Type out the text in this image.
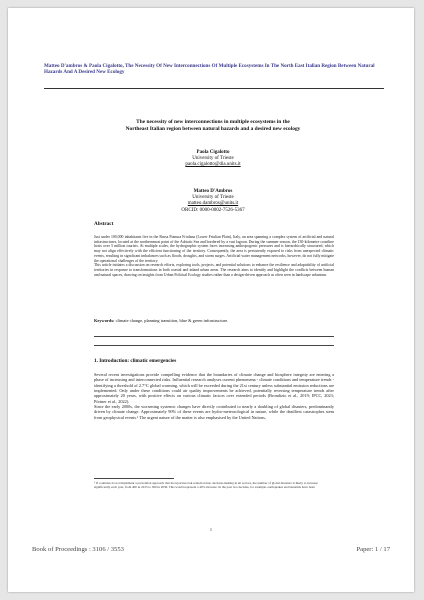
Matteo D'ambros & Paola Cigalotto, The Necessity Of New Interconnections Of Multiple Ecosystems In The North East Italian Region Between Natural Hazards And A Desired New Ecology

The necessity of new interconnections in multiple ecosystems in the
Northeast Italian region between natural hazards and a desired new ecology
Paola Cigalotto
University of Trieste
paola.cigalotto@dia.units.it
Matteo D'Ambros
University of Trieste
matteo.dambros@units.it
ORCID: 0000-0002-7526-5367
Abstract

Just under 100,000 inhabitants live in the Bassa Pianura Friulana (Lower Friulian Plain), Italy, an area spanning a complex system of artificial and natural infrastructures, located at the northernmost point of the Adriatic Sea and bordered by a vast lagoon. During the summer season, the 130-kilometre coastline hosts over 5 million tourists. At multiple scales, the hydrographic system faces increasing anthropogenic pressures and is hierarchically structured, which may not align effectively with the efficient functioning of the territory. Consequently, the area is persistently exposed to risks from unexpected climatic events, resulting in significant imbalances such as floods, droughts, and storm surges. Artificial water management networks, however, do not fully mitigate the operational challenges of the territory.

This article initiates a discussion on research efforts, exploring tools, projects, and potential solutions to enhance the resilience and adaptability of artificial territories in response to transformations in both coastal and inland urban areas. The research aims to identify and highlight the conflicts between human and natural spaces, drawing on insights from Urban Political Ecology studies rather than a design-driven approach as often seen in landscape urbanism.

Keywords: climate change, planning transition, blue & green infrastructure.

1. Introduction: climatic emergencies

Several recent investigations provide compelling evidence that the boundaries of climate change and biosphere integrity are entering a phase of increasing and interconnected risks. Influential research analyses current phenomena - climate conditions and temperature trends - identifying a threshold of 2.7°C global warming, which will be exceeded during the 21st century unless substantial emission reductions are implemented. Only under these conditions could air quality improvements be achieved, potentially reversing temperature trends after approximately 20 years, with positive effects on various climatic factors over extended periods (Brondizio et al., 2019; IPCC, 2023; Pörtner et al., 2022).

Since the early 2000s, the worsening systemic changes have directly contributed to nearly a doubling of global disasters, predominantly driven by climate change. Approximately 90% of these events are hydro-meteorological in nature, while the deadliest catastrophes stem from geophysical events.¹ The urgent nature of the matter is also emphasised by the United Nations,

¹ If countries do not implement a prevention approach that incorporates risk reduction into decision-making in all sectors, the number of global disasters is likely to increase significantly each year, from 400 in 2015 to 560 in 2030. This would represent a 40% increase. In the past two decades, for example, earthquakes and tsunamis have been

1
Book of Proceedings : 3106 / 3553	Paper: 1 / 17
